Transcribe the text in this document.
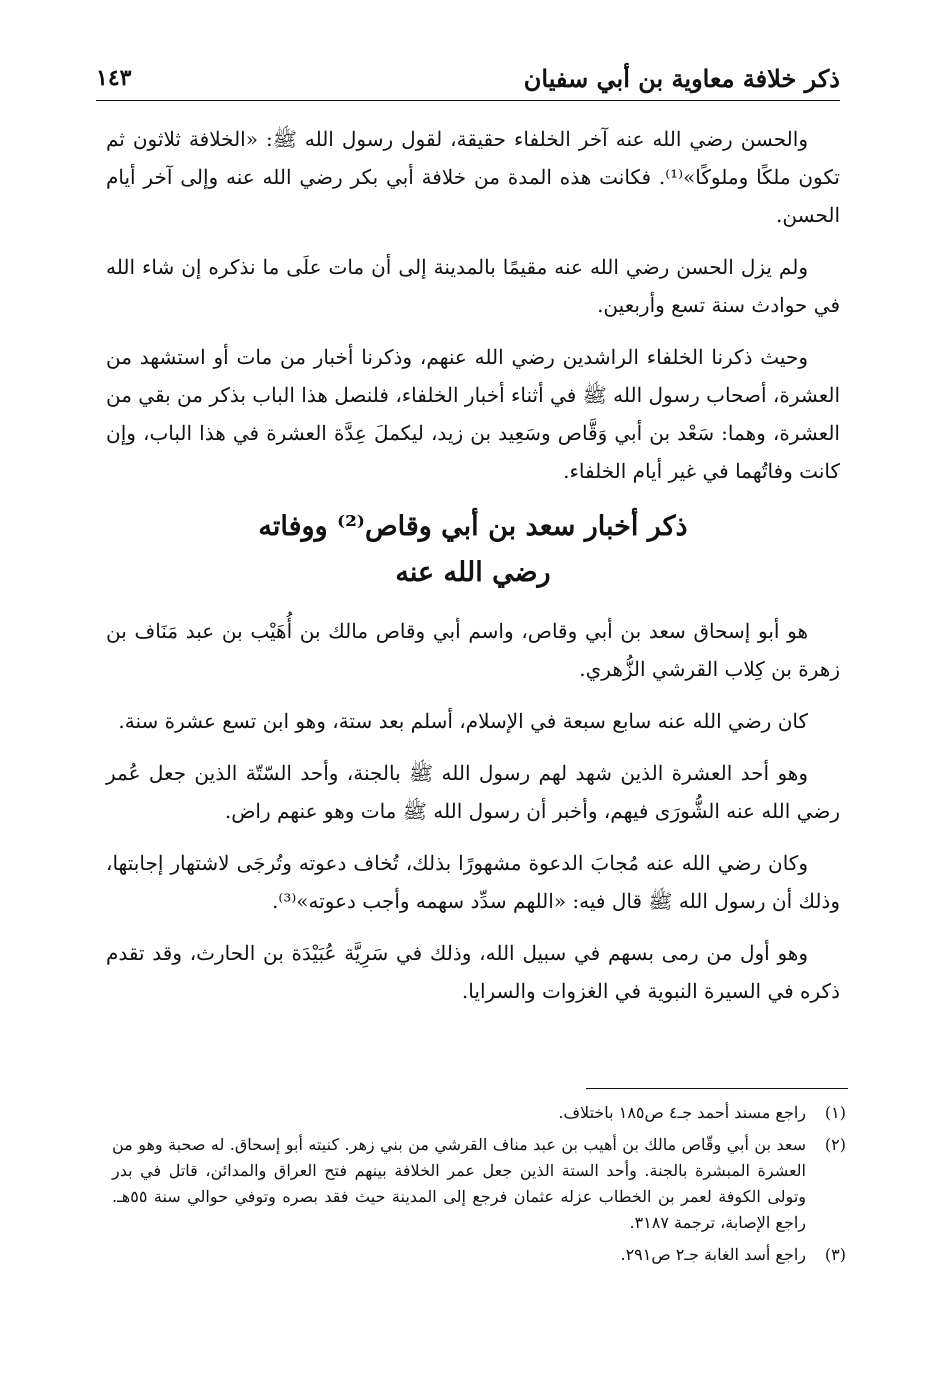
ذكر خلافة معاوية بن أبي سفيان
١٤٣

والحسن رضي الله عنه آخر الخلفاء حقيقة، لقول رسول الله ﷺ: «الخلافة ثلاثون ثم تكون ملكًا وملوكًا»⁽¹⁾. فكانت هذه المدة من خلافة أبي بكر رضي الله عنه وإلى آخر أيام الحسن.

ولم يزل الحسن رضي الله عنه مقيمًا بالمدينة إلى أن مات علَى ما نذكره إن شاء الله في حوادث سنة تسع وأربعين.

وحيث ذكرنا الخلفاء الراشدين رضي الله عنهم، وذكرنا أخبار من مات أو استشهد من العشرة، أصحاب رسول الله ﷺ في أثناء أخبار الخلفاء، فلنصل هذا الباب بذكر من بقي من العشرة، وهما: سَعْد بن أبي وَقَّاص وسَعِيد بن زيد، ليكملَ عِدَّة العشرة في هذا الباب، وإن كانت وفاتُهما في غير أيام الخلفاء.

ذكر أخبار سعد بن أبي وقاص⁽²⁾ ووفاته
رضي الله عنه

هو أبو إسحاق سعد بن أبي وقاص، واسم أبي وقاص مالك بن أُهَيْب بن عبد مَنَاف بن زهرة بن كِلاب القرشي الزُّهري.

كان رضي الله عنه سابع سبعة في الإسلام، أسلم بعد ستة، وهو ابن تسع عشرة سنة.

وهو أحد العشرة الذين شهد لهم رسول الله ﷺ بالجنة، وأحد السّتّة الذين جعل عُمر رضي الله عنه الشُّورَى فيهم، وأخبر أن رسول الله ﷺ مات وهو عنهم راض.

وكان رضي الله عنه مُجابَ الدعوة مشهورًا بذلك، تُخاف دعوته وتُرجَى لاشتهار إجابتها، وذلك أن رسول الله ﷺ قال فيه: «اللهم سدِّد سهمه وأجب دعوته»⁽³⁾.

وهو أول من رمى بسهم في سبيل الله، وذلك في سَرِيَّة عُبَيْدَة بن الحارث، وقد تقدم ذكره في السيرة النبوية في الغزوات والسرايا.

(١)
راجع مسند أحمد جـ٤ ص١٨٥ باختلاف.
(٢)
سعد بن أبي وقّاص مالك بن أهيب بن عبد مناف القرشي من بني زهر. كنيته أبو إسحاق. له صحبة وهو من العشرة المبشرة بالجنة. وأحد الستة الذين جعل عمر الخلافة بينهم فتح العراق والمدائن، قاتل في بدر وتولى الكوفة لعمر بن الخطاب عزله عثمان فرجع إلى المدينة حيث فقد بصره وتوفي حوالي سنة ٥٥هـ. راجع الإصابة، ترجمة ٣١٨٧.
(٣)
راجع أسد الغابة جـ٢ ص٢٩١.
